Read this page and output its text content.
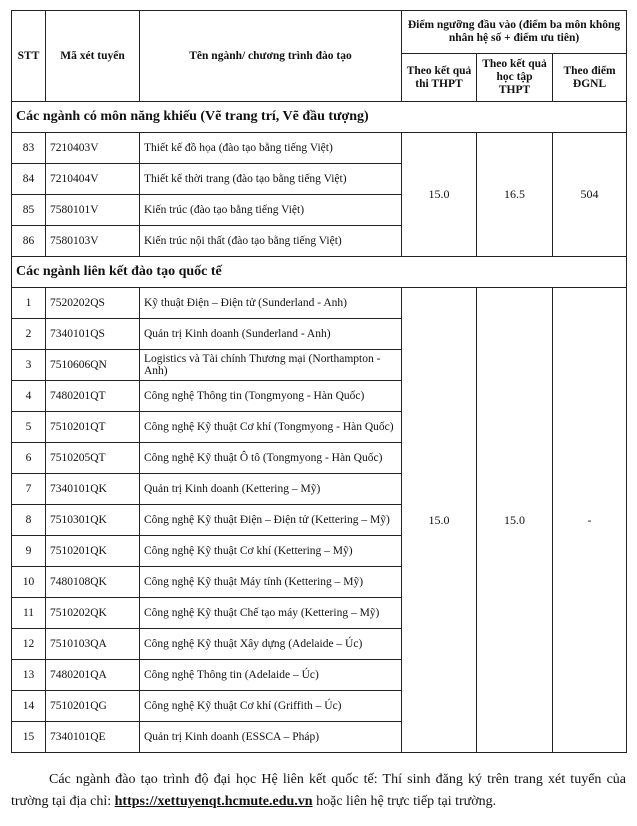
STT	Mã xét tuyển	Tên ngành/ chương trình đào tạo	Điểm ngưỡng đầu vào (điểm ba môn không nhân hệ số + điểm ưu tiên)		
			Theo kết quả thi THPT	Theo kết quả học tập THPT	Theo điểm ĐGNL
Các ngành có môn năng khiếu (Vẽ trang trí, Vẽ đầu tượng)					
83	7210403V	Thiết kế đồ họa (đào tạo bằng tiếng Việt)	15.0	16.5	504
84	7210404V	Thiết kế thời trang (đào tạo bằng tiếng Việt)			
85	7580101V	Kiến trúc (đào tạo bằng tiếng Việt)			
86	7580103V	Kiến trúc nội thất (đào tạo bằng tiếng Việt)			
Các ngành liên kết đào tạo quốc tế					
1	7520202QS	Kỹ thuật Điện – Điện tử (Sunderland - Anh)	15.0	15.0	-
2	7340101QS	Quản trị Kinh doanh (Sunderland - Anh)			
3	7510606QN	Logistics và Tài chính Thương mại (Northampton - Anh)			
4	7480201QT	Công nghệ Thông tin (Tongmyong - Hàn Quốc)			
5	7510201QT	Công nghệ Kỹ thuật Cơ khí (Tongmyong - Hàn Quốc)			
6	7510205QT	Công nghệ Kỹ thuật Ô tô (Tongmyong - Hàn Quốc)			
7	7340101QK	Quản trị Kinh doanh (Kettering – Mỹ)			
8	7510301QK	Công nghệ Kỹ thuật Điện – Điện tử (Kettering – Mỹ)			
9	7510201QK	Công nghệ Kỹ thuật Cơ khí (Kettering – Mỹ)			
10	7480108QK	Công nghệ Kỹ thuật Máy tính (Kettering – Mỹ)			
11	7510202QK	Công nghệ Kỹ thuật Chế tạo máy (Kettering – Mỹ)			
12	7510103QA	Công nghệ Kỹ thuật Xây dựng (Adelaide – Úc)			
13	7480201QA	Công nghệ Thông tin (Adelaide – Úc)			
14	7510201QG	Công nghệ Kỹ thuật Cơ khí (Griffith – Úc)			
15	7340101QE	Quản trị Kinh doanh (ESSCA – Pháp)			

Các ngành đào tạo trình độ đại học Hệ liên kết quốc tế: Thí sinh đăng ký trên trang xét tuyển của trường tại địa chỉ: https://xettuyenqt.hcmute.edu.vn hoặc liên hệ trực tiếp tại trường.
